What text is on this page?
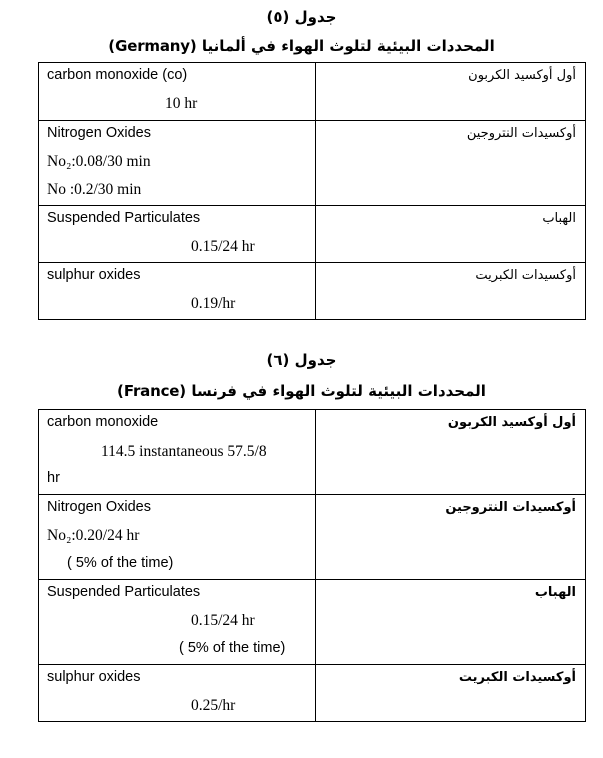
جدول (٥)
المحددات البيئية لتلوث الهواء في ألمانيا (Germany)
carbon monoxide (co)
10 hr	أول أوكسيد الكربون

Nitrogen Oxides
No₂:0.08/30 min
No :0.2/30 min	أوكسيدات النتروجين

Suspended Particulates
0.15/24 hr	الهباب

sulphur oxides
0.19/hr	أوكسيدات الكبريت
جدول (٦)
المحددات البيئية لتلوث الهواء في فرنسا (France)
carbon monoxide
114.5 instantaneous 57.5/8
hr	أول أوكسيد الكربون

Nitrogen Oxides
No₂:0.20/24 hr
( 5% of the time)	أوكسيدات النتروجين

Suspended Particulates
0.15/24 hr
( 5% of the time)	الهباب

sulphur oxides
0.25/hr	أوكسيدات الكبريت
